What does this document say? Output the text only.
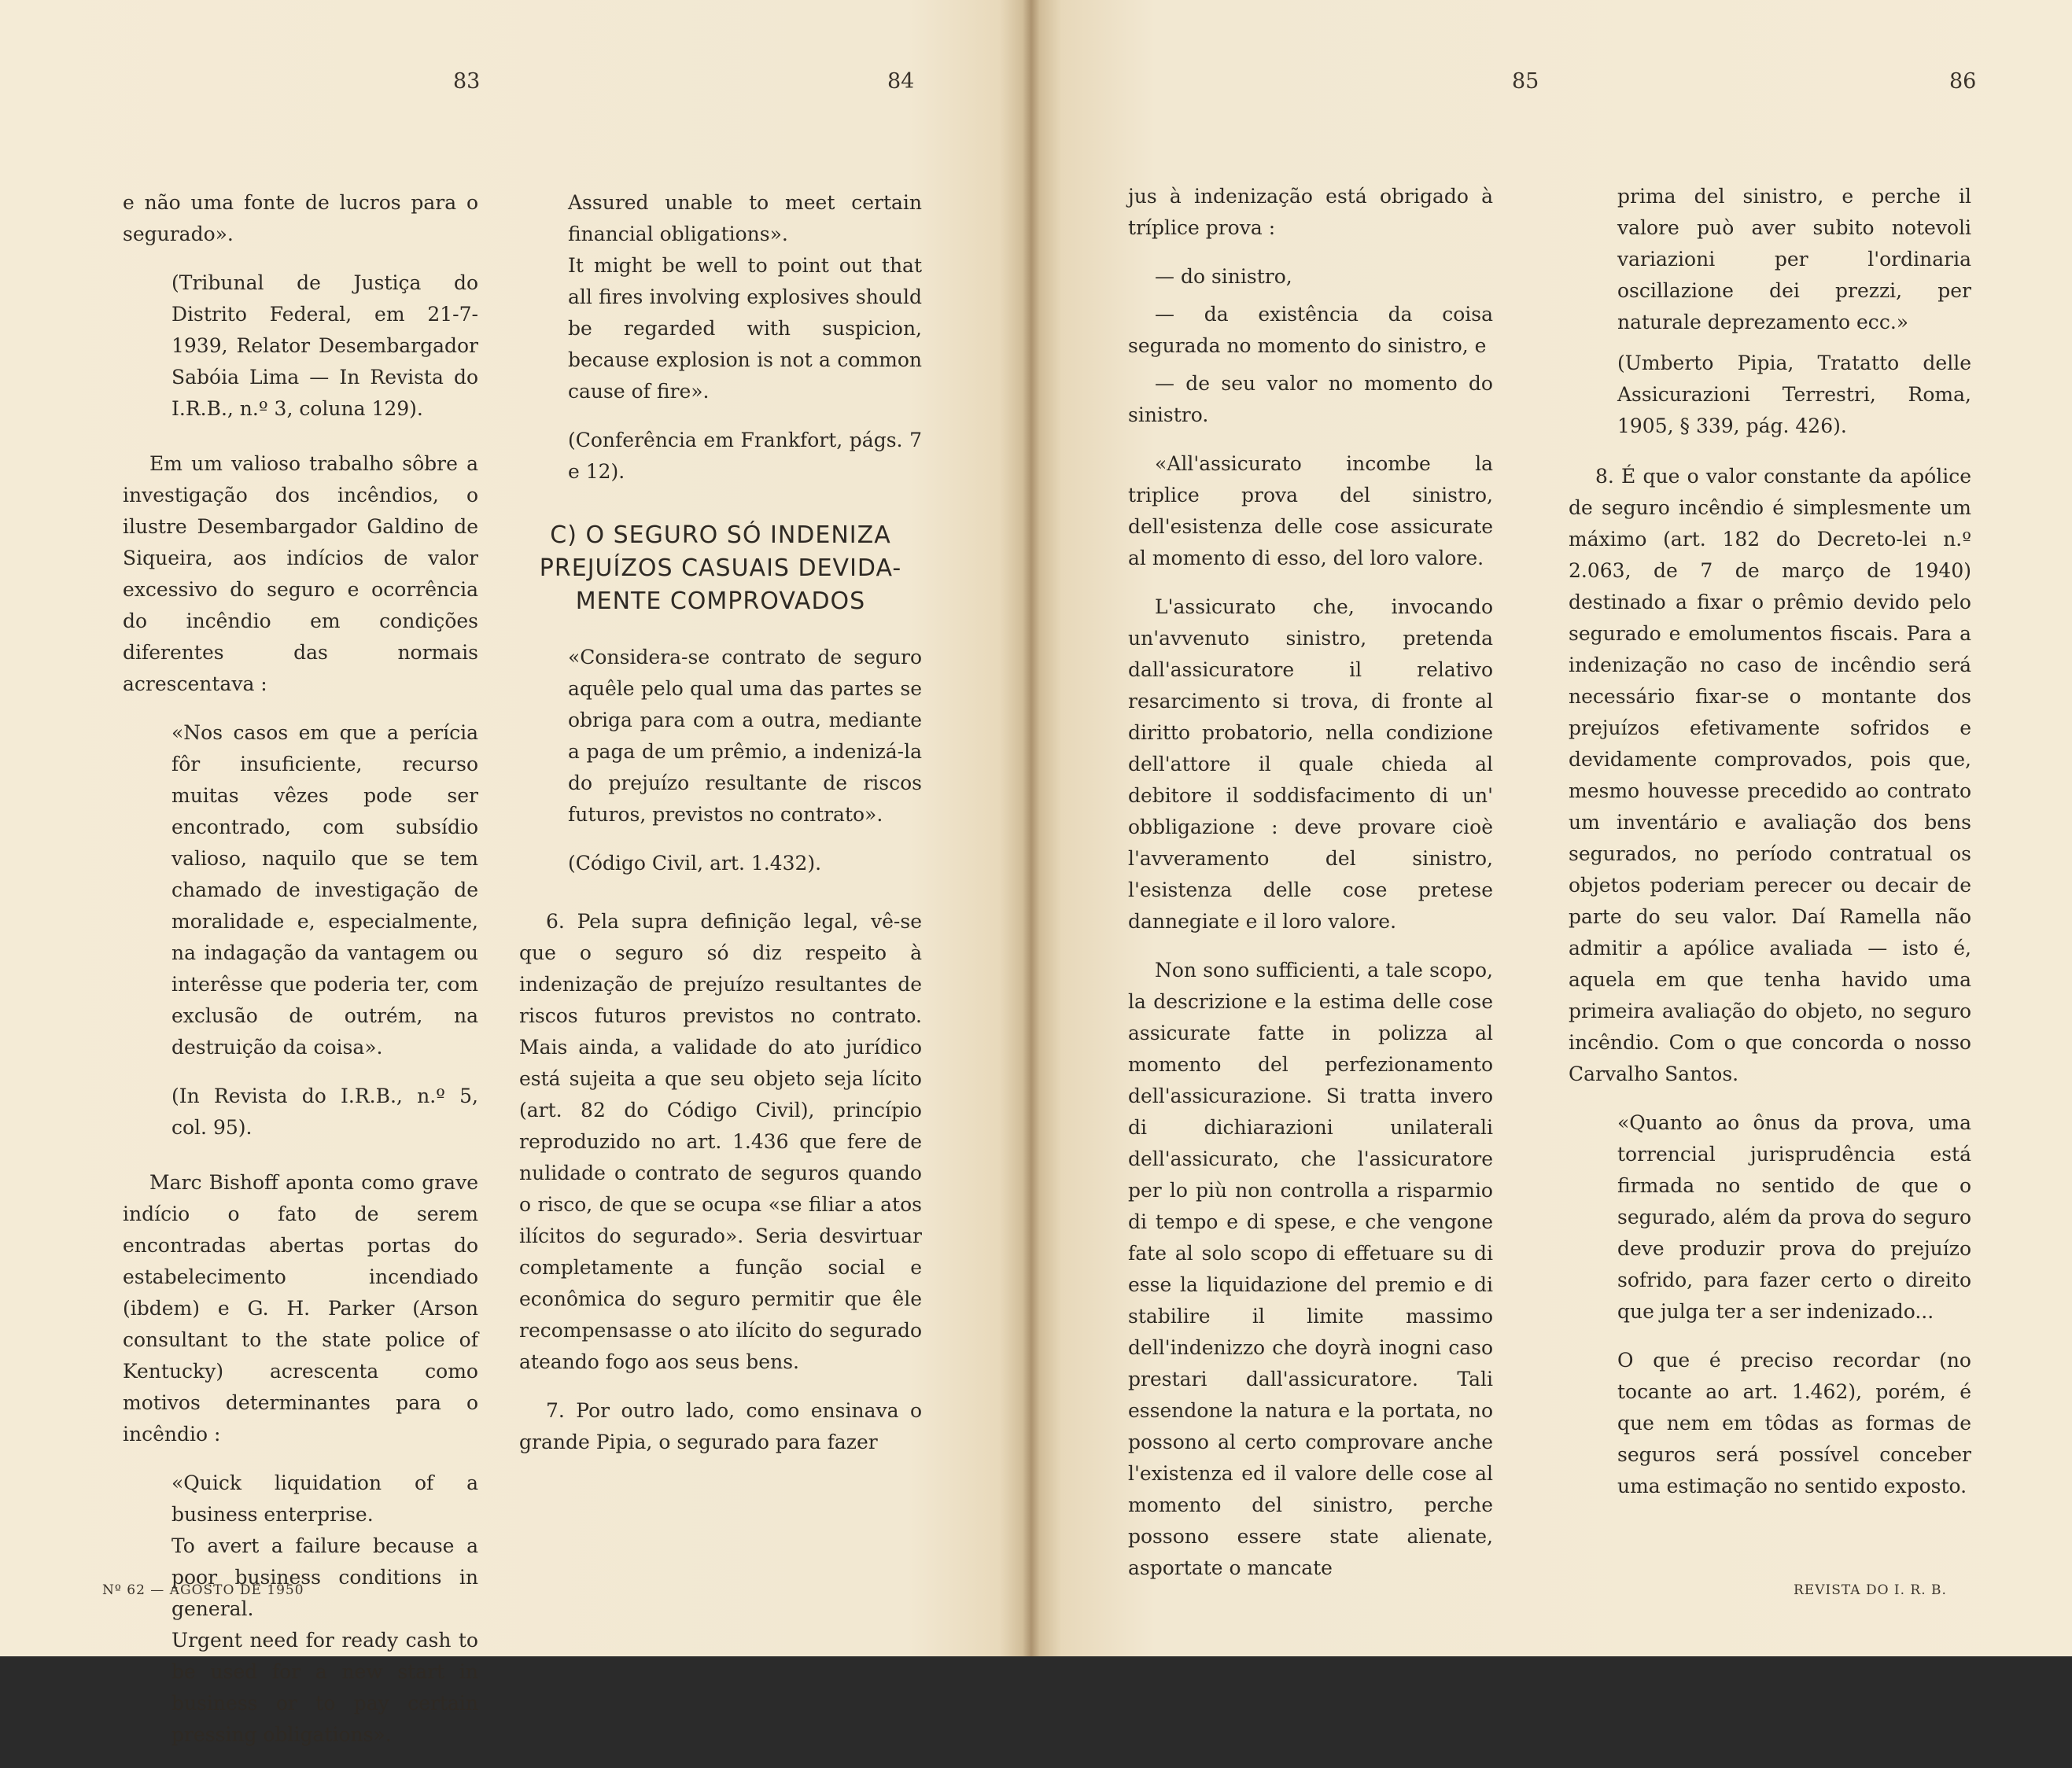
83	84

e não uma fonte de lucros para o segurado».

(Tribunal de Justiça do Distrito Federal, em 21-7-1939, Relator Desembargador Sabóia Lima — In Revista do I.R.B., n.º 3, coluna 129).

Em um valioso trabalho sôbre a investigação dos incêndios, o ilustre Desembargador Galdino de Siqueira, aos indícios de valor excessivo do seguro e ocorrência do incêndio em condições diferentes das normais acrescentava :

«Nos casos em que a perícia fôr insuficiente, recurso muitas vêzes pode ser encontrado, com subsídio valioso, naquilo que se tem chamado de investigação de moralidade e, especialmente, na indagação da vantagem ou interêsse que poderia ter, com exclusão de outrém, na destruição da coisa».

(In Revista do I.R.B., n.º 5, col. 95).

Marc Bishoff aponta como grave indício o fato de serem encontradas abertas portas do estabelecimento incendiado (ibdem) e G. H. Parker (Arson consultant to the state police of Kentucky) acrescenta como motivos determinantes para o incêndio :

«Quick liquidation of a business enterprise.

To avert a failure because a poor business conditions in general.

Urgent need for ready cash to be used for a new start in business or to pay certain pressing obligations».

Assured unable to meet certain financial obligations».

It might be well to point out that all fires involving explosives should be regarded with suspicion, because explosion is not a common cause of fire».

(Conferência em Frankfort, págs. 7 e 12).

C) O SEGURO SÓ INDENIZA
PREJUÍZOS CASUAIS DEVIDA-
MENTE COMPROVADOS

«Considera-se contrato de seguro aquêle pelo qual uma das partes se obriga para com a outra, mediante a paga de um prêmio, a indenizá-la do prejuízo resultante de riscos futuros, previstos no contrato».

(Código Civil, art. 1.432).

6. Pela supra definição legal, vê-se que o seguro só diz respeito à indenização de prejuízo resultantes de riscos futuros previstos no contrato. Mais ainda, a validade do ato jurídico está sujeita a que seu objeto seja lícito (art. 82 do Código Civil), princípio reproduzido no art. 1.436 que fere de nulidade o contrato de seguros quando o risco, de que se ocupa «se filiar a atos ilícitos do segurado». Seria desvirtuar completamente a função social e econômica do seguro permitir que êle recompensasse o ato ilícito do segurado ateando fogo aos seus bens.

7. Por outro lado, como ensinava o grande Pipia, o segurado para fazer

Nº 62 — AGOSTO DE 1950
85	86

jus à indenização está obrigado à tríplice prova :

— do sinistro,

— da existência da coisa segurada no momento do sinistro, e

— de seu valor no momento do sinistro.

«All'assicurato incombe la triplice prova del sinistro, dell'esistenza delle cose assicurate al momento di esso, del loro valore.

L'assicurato che, invocando un'avvenuto sinistro, pretenda dall'assicuratore il relativo resarcimento si trova, di fronte al diritto probatorio, nella condizione dell'attore il quale chieda al debitore il soddisfacimento di un' obbligazione : deve provare cioè l'avveramento del sinistro, l'esistenza delle cose pretese dannegiate e il loro valore.

Non sono sufficienti, a tale scopo, la descrizione e la estima delle cose assicurate fatte in polizza al momento del perfezionamento dell'assicurazione. Si tratta invero di dichiarazioni unilaterali dell'assicurato, che l'assicuratore per lo più non controlla a risparmio di tempo e di spese, e che vengone fate al solo scopo di effetuare su di esse la liquidazione del premio e di stabilire il limite massimo dell'indenizzo che doyrà inogni caso prestari dall'assicuratore. Tali essendone la natura e la portata, no possono al certo comprovare anche l'existenza ed il valore delle cose al momento del sinistro, perche possono essere state alienate, asportate o mancate

prima del sinistro, e perche il valore può aver subito notevoli variazioni per l'ordinaria oscillazione dei prezzi, per naturale deprezamento ecc.»

(Umberto Pipia, Tratatto delle Assicurazioni Terrestri, Roma, 1905, § 339, pág. 426).

8. É que o valor constante da apólice de seguro incêndio é simplesmente um máximo (art. 182 do Decreto-lei n.º 2.063, de 7 de março de 1940) destinado a fixar o prêmio devido pelo segurado e emolumentos fiscais. Para a indenização no caso de incêndio será necessário fixar-se o montante dos prejuízos efetivamente sofridos e devidamente comprovados, pois que, mesmo houvesse precedido ao contrato um inventário e avaliação dos bens segurados, no período contratual os objetos poderiam perecer ou decair de parte do seu valor. Daí Ramella não admitir a apólice avaliada — isto é, aquela em que tenha havido uma primeira avaliação do objeto, no seguro incêndio. Com o que concorda o nosso Carvalho Santos.

«Quanto ao ônus da prova, uma torrencial jurisprudência está firmada no sentido de que o segurado, além da prova do seguro deve produzir prova do prejuízo sofrido, para fazer certo o direito que julga ter a ser indenizado...

O que é preciso recordar (no tocante ao art. 1.462), porém, é que nem em tôdas as formas de seguros será possível conceber uma estimação no sentido exposto.

REVISTA DO I. R. B.
